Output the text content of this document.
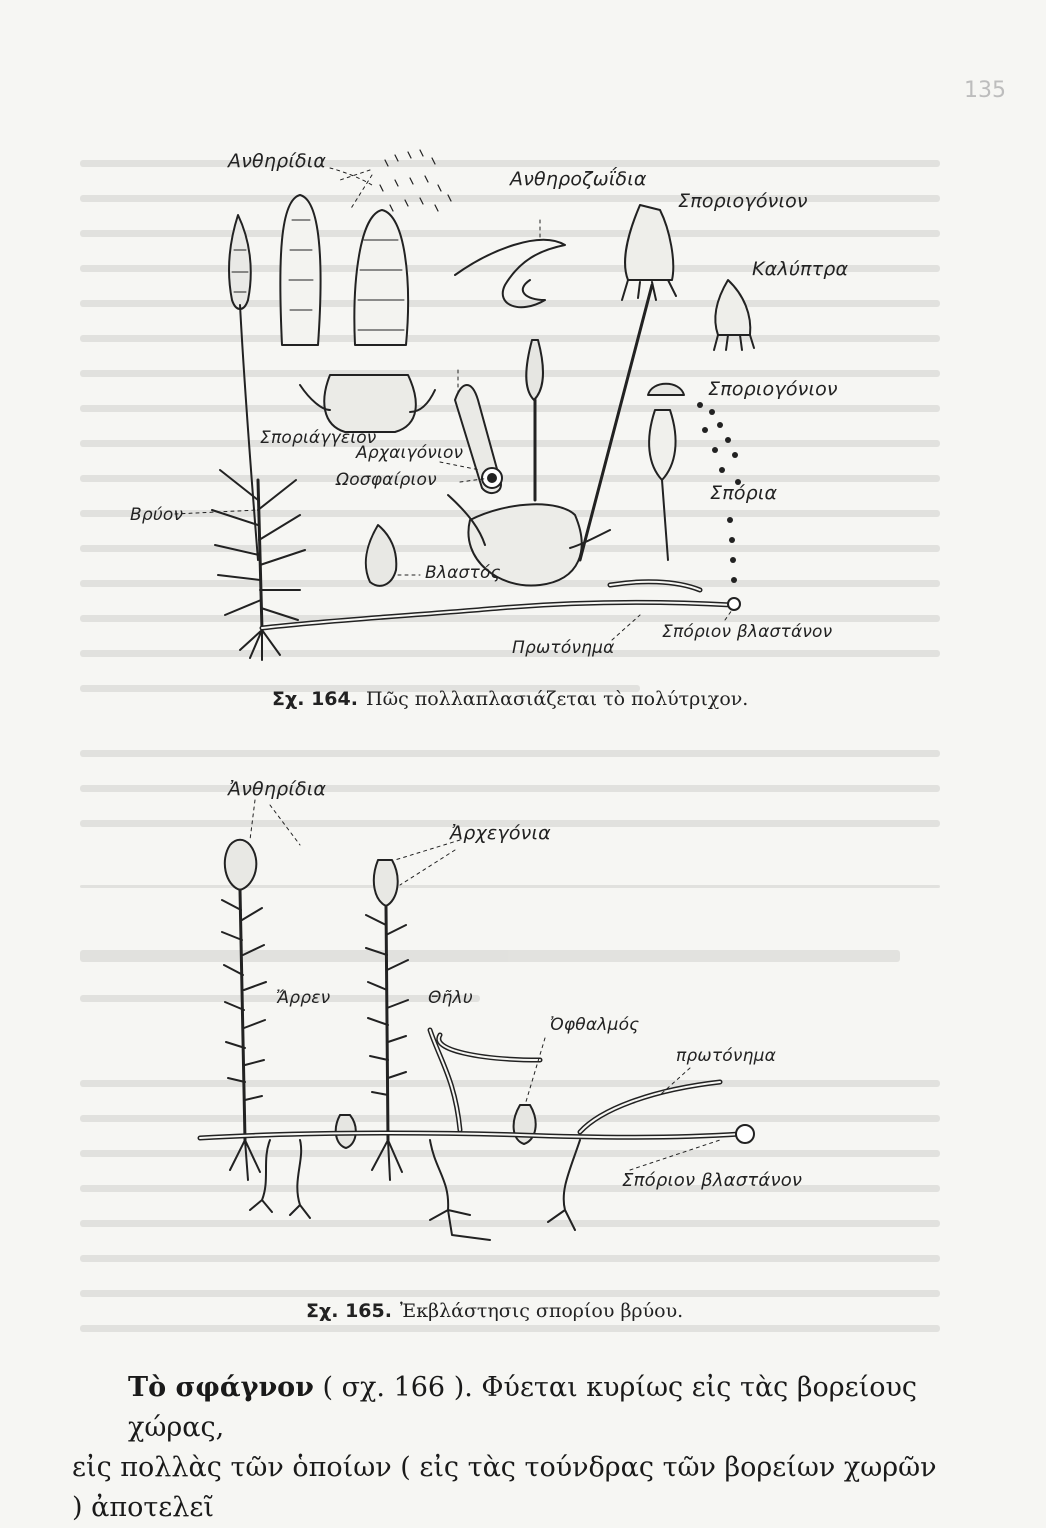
135
Ανθηρίδια
Ανθηροζωΐδια
Σποριογόνιον
Καλύπτρα
Σποριογόνιον
Σπόρια
Σποριάγγειον
Αρχαιγόνιον
Ωοσφαίριον
Βρύον
Βλαστός
Πρωτόνημα
Σπόριον βλαστάνον
Σχ. 164. Πῶς πολλαπλασιάζεται τὸ πολύτριχον.
Ἀνθηρίδια
Ἀρχεγόνια
Ἄρρεν	Θῆλυ
Ὀφθαλμός
πρωτόνημα
Σπόριον βλαστάνον
Σχ. 165. Ἐκβλάστησις σπορίου βρύου.
Τὸ σφάγνον ( σχ. 166 ). Φύεται κυρίως εἰς τὰς βορείους χώρας,
εἰς πολλὰς τῶν ὁποίων ( εἰς τὰς τούνδρας τῶν βορείων χωρῶν ) ἀποτελεῖ
